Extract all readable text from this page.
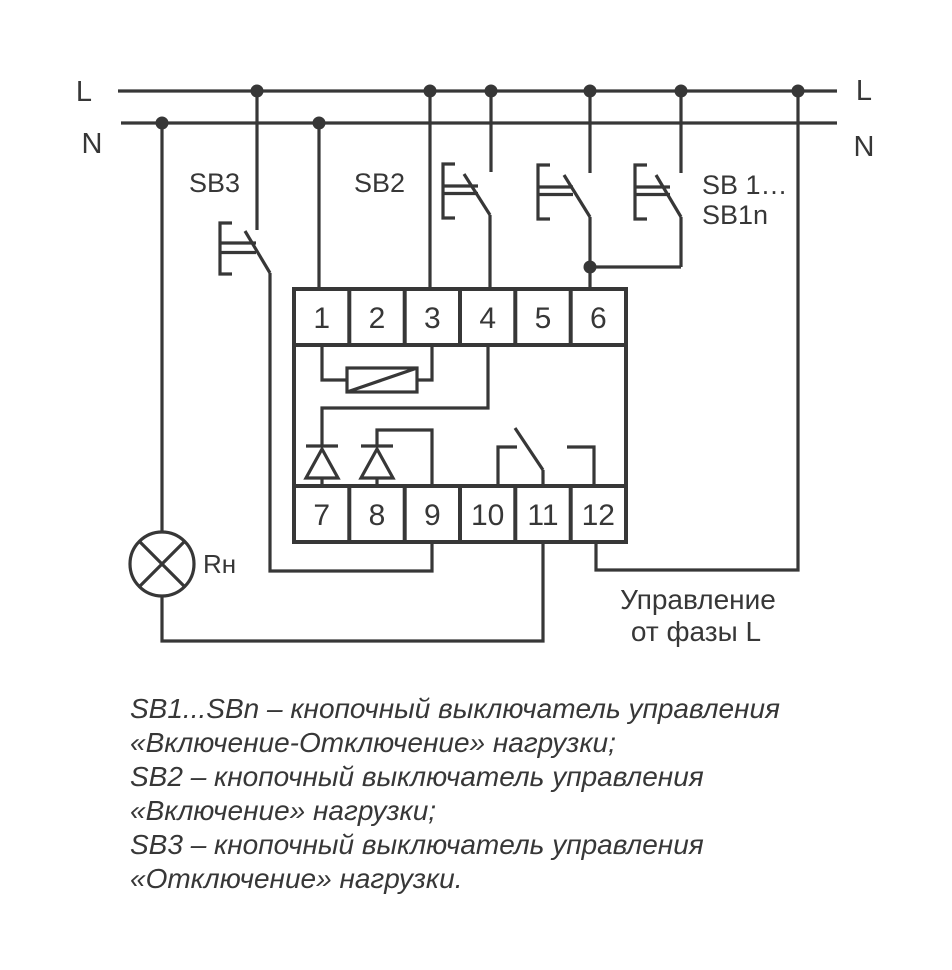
L
N
L
N
SB3	SB2	SB 1…
SB1n
1 2 3 4 5 6
7 8 9 10 11 12
Rн
Управление
от фазы L
SB1...SBn – кнопочный выключатель управления
«Включение-Отключение» нагрузки;
SB2 – кнопочный выключатель управления
«Включение» нагрузки;
SB3 – кнопочный выключатель управления
«Отключение» нагрузки.
